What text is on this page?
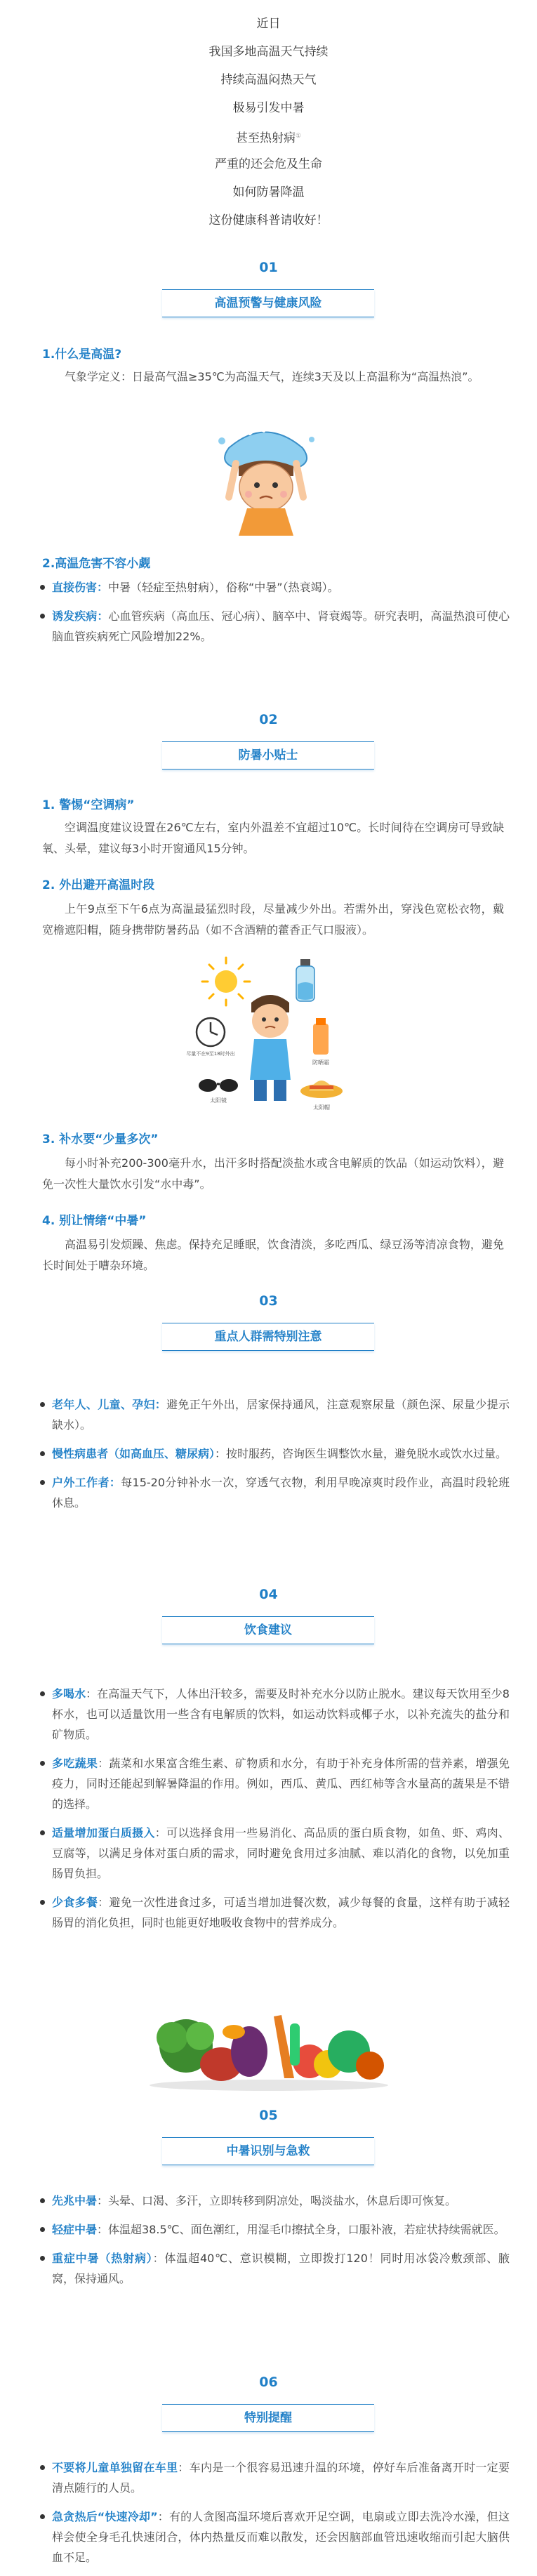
近日

我国多地高温天气持续

持续高温闷热天气

极易引发中暑

甚至热射病①

严重的还会危及生命

如何防暑降温

这份健康科普请收好！

01
高温预警与健康风险
1.什么是高温?

气象学定义：日最高气温≥35℃为高温天气，连续3天及以上高温称为“高温热浪”。

2.高温危害不容小觑
直接伤害：中暑（轻症至热射病），俗称“中暑”（热衰竭）。
诱发疾病：心血管疾病（高血压、冠心病）、脑卒中、肾衰竭等。研究表明，高温热浪可使心脑血管疾病死亡风险增加22%。
02
防暑小贴士
1. 警惕“空调病”

空调温度建议设置在26℃左右，室内外温差不宜超过10℃。长时间待在空调房可导致缺氧、头晕，建议每3小时开窗通风15分钟。

2. 外出避开高温时段

上午9点至下午6点为高温最猛烈时段，尽量减少外出。若需外出，穿浅色宽松衣物，戴宽檐遮阳帽，随身携带防暑药品（如不含酒精的藿香正气口服液）。

尽量不在9至18时外出
防晒霜
太阳镜
太阳帽
3. 补水要“少量多次”

每小时补充200-300毫升水，出汗多时搭配淡盐水或含电解质的饮品（如运动饮料），避免一次性大量饮水引发“水中毒”。

4. 别让情绪“中暑”

高温易引发烦躁、焦虑。保持充足睡眠，饮食清淡，多吃西瓜、绿豆汤等清凉食物，避免长时间处于嘈杂环境。

03
重点人群需特别注意
老年人、儿童、孕妇：避免正午外出，居家保持通风，注意观察尿量（颜色深、尿量少提示缺水）。
慢性病患者（如高血压、糖尿病）：按时服药，咨询医生调整饮水量，避免脱水或饮水过量。
户外工作者：每15-20分钟补水一次，穿透气衣物，利用早晚凉爽时段作业，高温时段轮班休息。
04
饮食建议
多喝水：在高温天气下，人体出汗较多，需要及时补充水分以防止脱水。建议每天饮用至少8 杯水，也可以适量饮用一些含有电解质的饮料，如运动饮料或椰子水，以补充流失的盐分和矿物质。
多吃蔬果：蔬菜和水果富含维生素、矿物质和水分，有助于补充身体所需的营养素，增强免疫力，同时还能起到解暑降温的作用。例如，西瓜、黄瓜、西红柿等含水量高的蔬果是不错的选择。
适量增加蛋白质摄入：可以选择食用一些易消化、高品质的蛋白质食物，如鱼、虾、鸡肉、豆腐等，以满足身体对蛋白质的需求，同时避免食用过多油腻、难以消化的食物，以免加重肠胃负担。
少食多餐：避免一次性进食过多，可适当增加进餐次数，减少每餐的食量，这样有助于减轻肠胃的消化负担，同时也能更好地吸收食物中的营养成分。
05
中暑识别与急救
先兆中暑：头晕、口渴、多汗，立即转移到阴凉处，喝淡盐水，休息后即可恢复。
轻症中暑：体温超38.5℃、面色潮红，用湿毛巾擦拭全身，口服补液，若症状持续需就医。
重症中暑（热射病）：体温超40℃、意识模糊，立即拨打120！同时用冰袋冷敷颈部、腋窝，保持通风。
06
特别提醒
不要将儿童单独留在车里：车内是一个很容易迅速升温的环境，停好车后准备离开时一定要清点随行的人员。
急贪热后“快速冷却”：有的人贪图高温环境后喜欢开足空调，电扇或立即去洗冷水澡，但这样会使全身毛孔快速闭合，体内热量反而难以散发，还会因脑部血管迅速收缩而引起大脑供血不足。
